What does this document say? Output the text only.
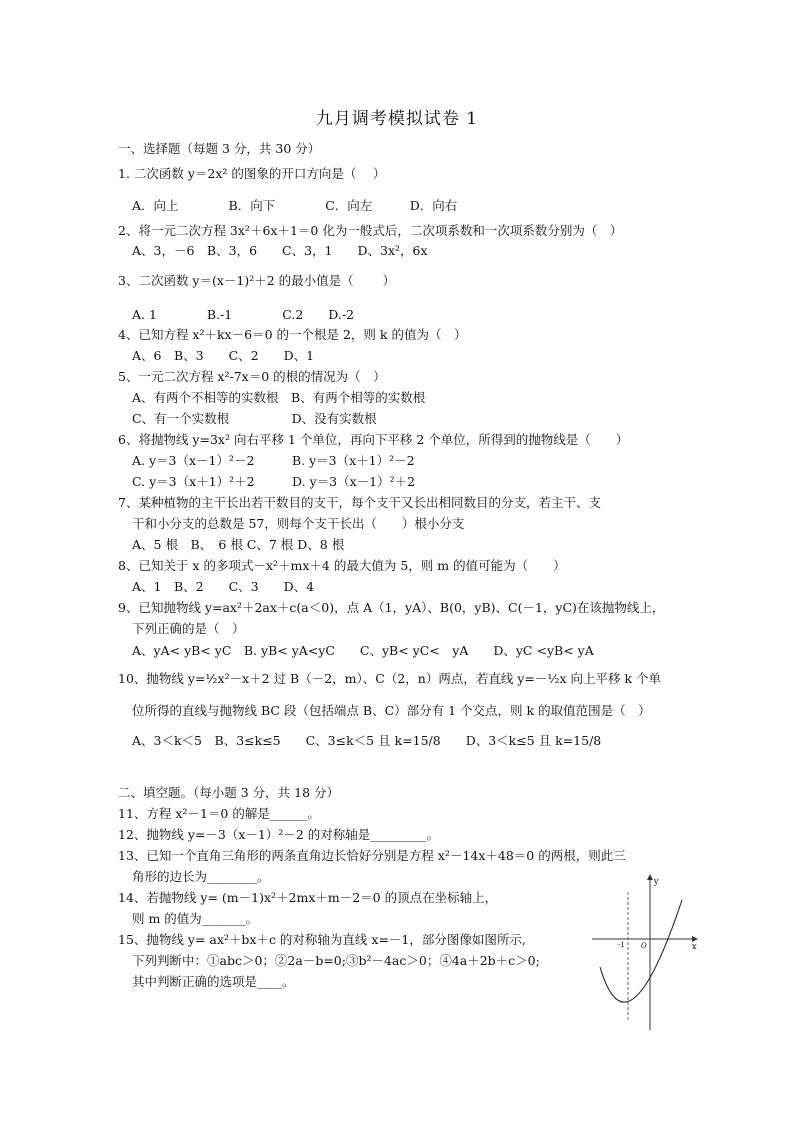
九月调考模拟试卷 1
一、选择题（每题 3 分，共 30 分）
1. 二次函数 y＝2x² 的图象的开口方向是（　 ）
A．向上　　　　B．向下　　　　C．向左　　　D．向右
2、将一元二次方程 3x²＋6x＋1＝0 化为一般式后，二次项系数和一次项系数分别为（　）
A、3，－6　B、3，6　　C、3，1　　D、3x²，6x
3、二次函数 y＝(x－1)²＋2 的最小值是（　　 ）
A. 1　　　　B.-1　　　　C.2　　D.-2
4、已知方程 x²＋kx－6＝0 的一个根是 2，则 k 的值为（　）
A、6　B、3　　C、2　　D、1
5、一元二次方程 x²-7x＝0 的根的情况为（　）
A、有两个不相等的实数根　B、有两个相等的实数根
C、有一个实数根　　　　　D、没有实数根
6、将抛物线 y=3x² 向右平移 1 个单位，再向下平移 2 个单位，所得到的抛物线是（　　）
A. y＝3（x－1）²－2　　　B. y＝3（x＋1）²－2
C. y＝3（x＋1）²＋2　　　D. y＝3（x－1）²＋2
7、某种植物的主干长出若干数目的支干，每个支干又长出相同数目的分支，若主干、支
干和小分支的总数是 57，则每个支干长出（　　）根小分支
A、5 根　B、　6 根 C、7 根 D、8 根
8、已知关于 x 的多项式－x²＋mx＋4 的最大值为 5，则 m 的值可能为（　　）
A、1　B、2　　C、3　　D、4
9、已知抛物线 y=ax²＋2ax＋c(a＜0)，点 A（1，yA）、B(0，yB)、C(－1，yC)在该抛物线上，
下列正确的是（　）
A、yA< yB< yC　B. yB< yA<yC　　C、yB< yC<　yA　　D、yC <yB< yA
10、抛物线 y=½x²－x＋2 过 B（－2，m）、C（2，n）两点，若直线 y=－½x 向上平移 k 个单
位所得的直线与抛物线 BC 段（包括端点 B、C）部分有 1 个交点，则 k 的取值范围是（　）
A、3＜k＜5　B、3≤k≤5　　C、3≤k＜5 且 k=15/8　　D、3＜k≤5 且 k=15/8
二、填空题。（每小题 3 分，共 18 分）
11、方程 x²－1＝0 的解是______。
12、抛物线 y=－3（x－1）²－2 的对称轴是_________。
13、已知一个直角三角形的两条直角边长恰好分别是方程 x²－14x＋48＝0 的两根，则此三
角形的边长为________。
14、若抛物线 y= (m－1)x²＋2mx＋m－2＝0 的顶点在坐标轴上，
则 m 的值为_______。
15、抛物线 y= ax²＋bx＋c 的对称轴为直线 x=－1，部分图像如图所示,
下列判断中：①abc＞0；②2a－b=0;③b²－4ac＞0；④4a＋2b＋c＞0;
其中判断正确的选项是____。
y
x
-1 O
